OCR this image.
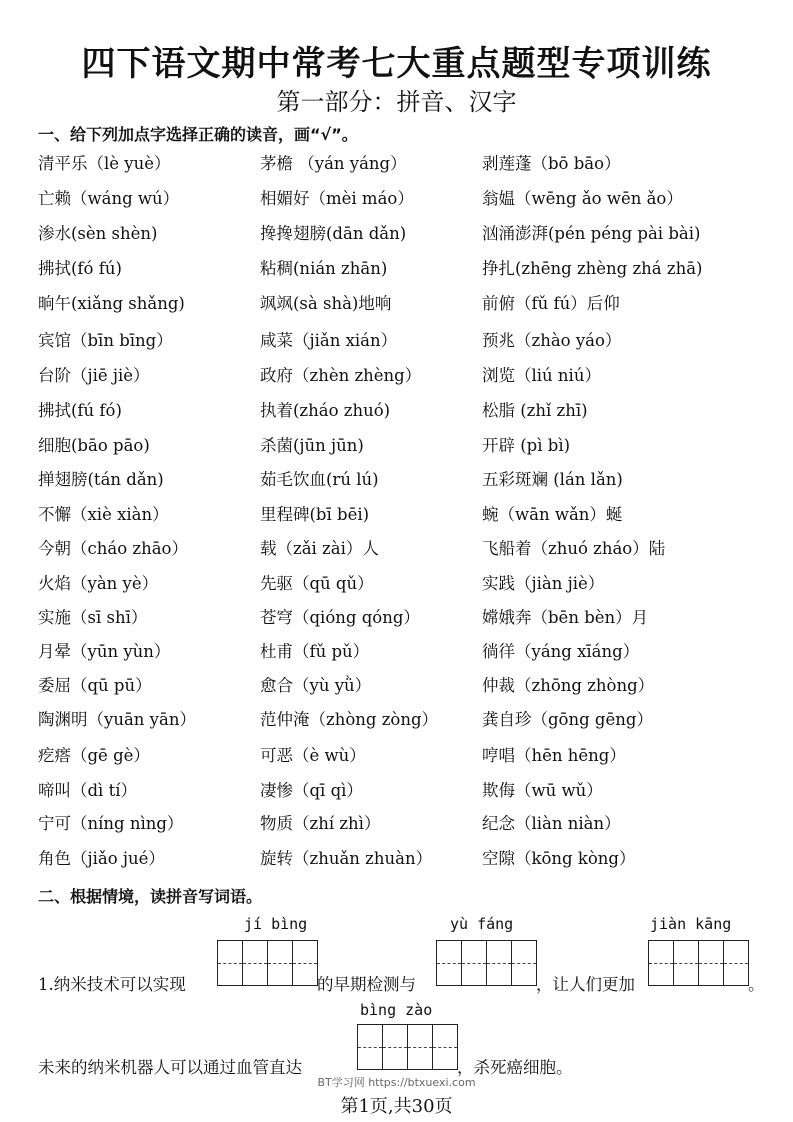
四下语文期中常考七大重点题型专项训练
第一部分：拼音、汉字
一、给下列加点字选择正确的读音，画“√”。
清平乐（lè yuè）	茅檐 （yán yáng）	剥莲蓬（bō bāo）
亡赖（wáng wú）	相媚好（mèi máo）	翁媪（wēng ǎo wēn ǎo）
渗水(sèn shèn)	搀搀翅膀(dān dǎn)	汹涌澎湃(pén péng pài bài)
拂拭(fó fú)	粘稠(nián zhān)	挣扎(zhēng zhèng zhá zhā)
晌午(xiǎng shǎng)	飒飒(sà shà)地响	前俯（fǔ fú）后仰
宾馆（bīn bīng）	咸菜（jiǎn xián）	预兆（zhào yáo）
台阶（jiē jiè）	政府（zhèn zhèng）	浏览（liú niú）
拂拭(fú fó)	执着(zháo zhuó)	松脂 (zhǐ zhī)
细胞(bāo pāo)	杀菌(jūn jūn)	开辟 (pì bì)
掸翅膀(tán dǎn)	茹毛饮血(rú lú)	五彩斑斓 (lán lǎn)
不懈（xiè xiàn）	里程碑(bī bēi)	蜿（wān wǎn）蜒
今朝（cháo zhāo）	载（zǎi zài）人	飞船着（zhuó zháo）陆
火焰（yàn yè）	先驱（qū qǔ）	实践（jiàn jiè）
实施（sī shī）	苍穹（qióng qóng）	嫦娥奔（bēn bèn）月
月晕（yūn yùn）	杜甫（fǔ pǔ）	徜徉（yáng xīáng）
委屈（qū pū）	愈合（yù yǜ）	仲裁（zhōng zhòng）
陶渊明（yuān yān）	范仲淹（zhòng zòng）	龚自珍（gōng gēng）
疙瘩（gē gè）	可恶（è wù）	哼唱（hēn hēng）
啼叫（dì tí）	凄惨（qī qì）	欺侮（wū wǔ）
宁可（níng nìng）	物质（zhí zhì）	纪念（liàn niàn）
角色（jiǎo jué）	旋转（zhuǎn zhuàn）	空隙（kōng kòng）
二、根据情境，读拼音写词语。
jí bìng	yù fáng	jiàn kāng
1.纳米技术可以实现	的早期检测与	，让人们更加	。
bìng zào
未来的纳米机器人可以通过血管直达	，杀死癌细胞。
BT学习网 https://btxuexi.com
第1页,共30页
